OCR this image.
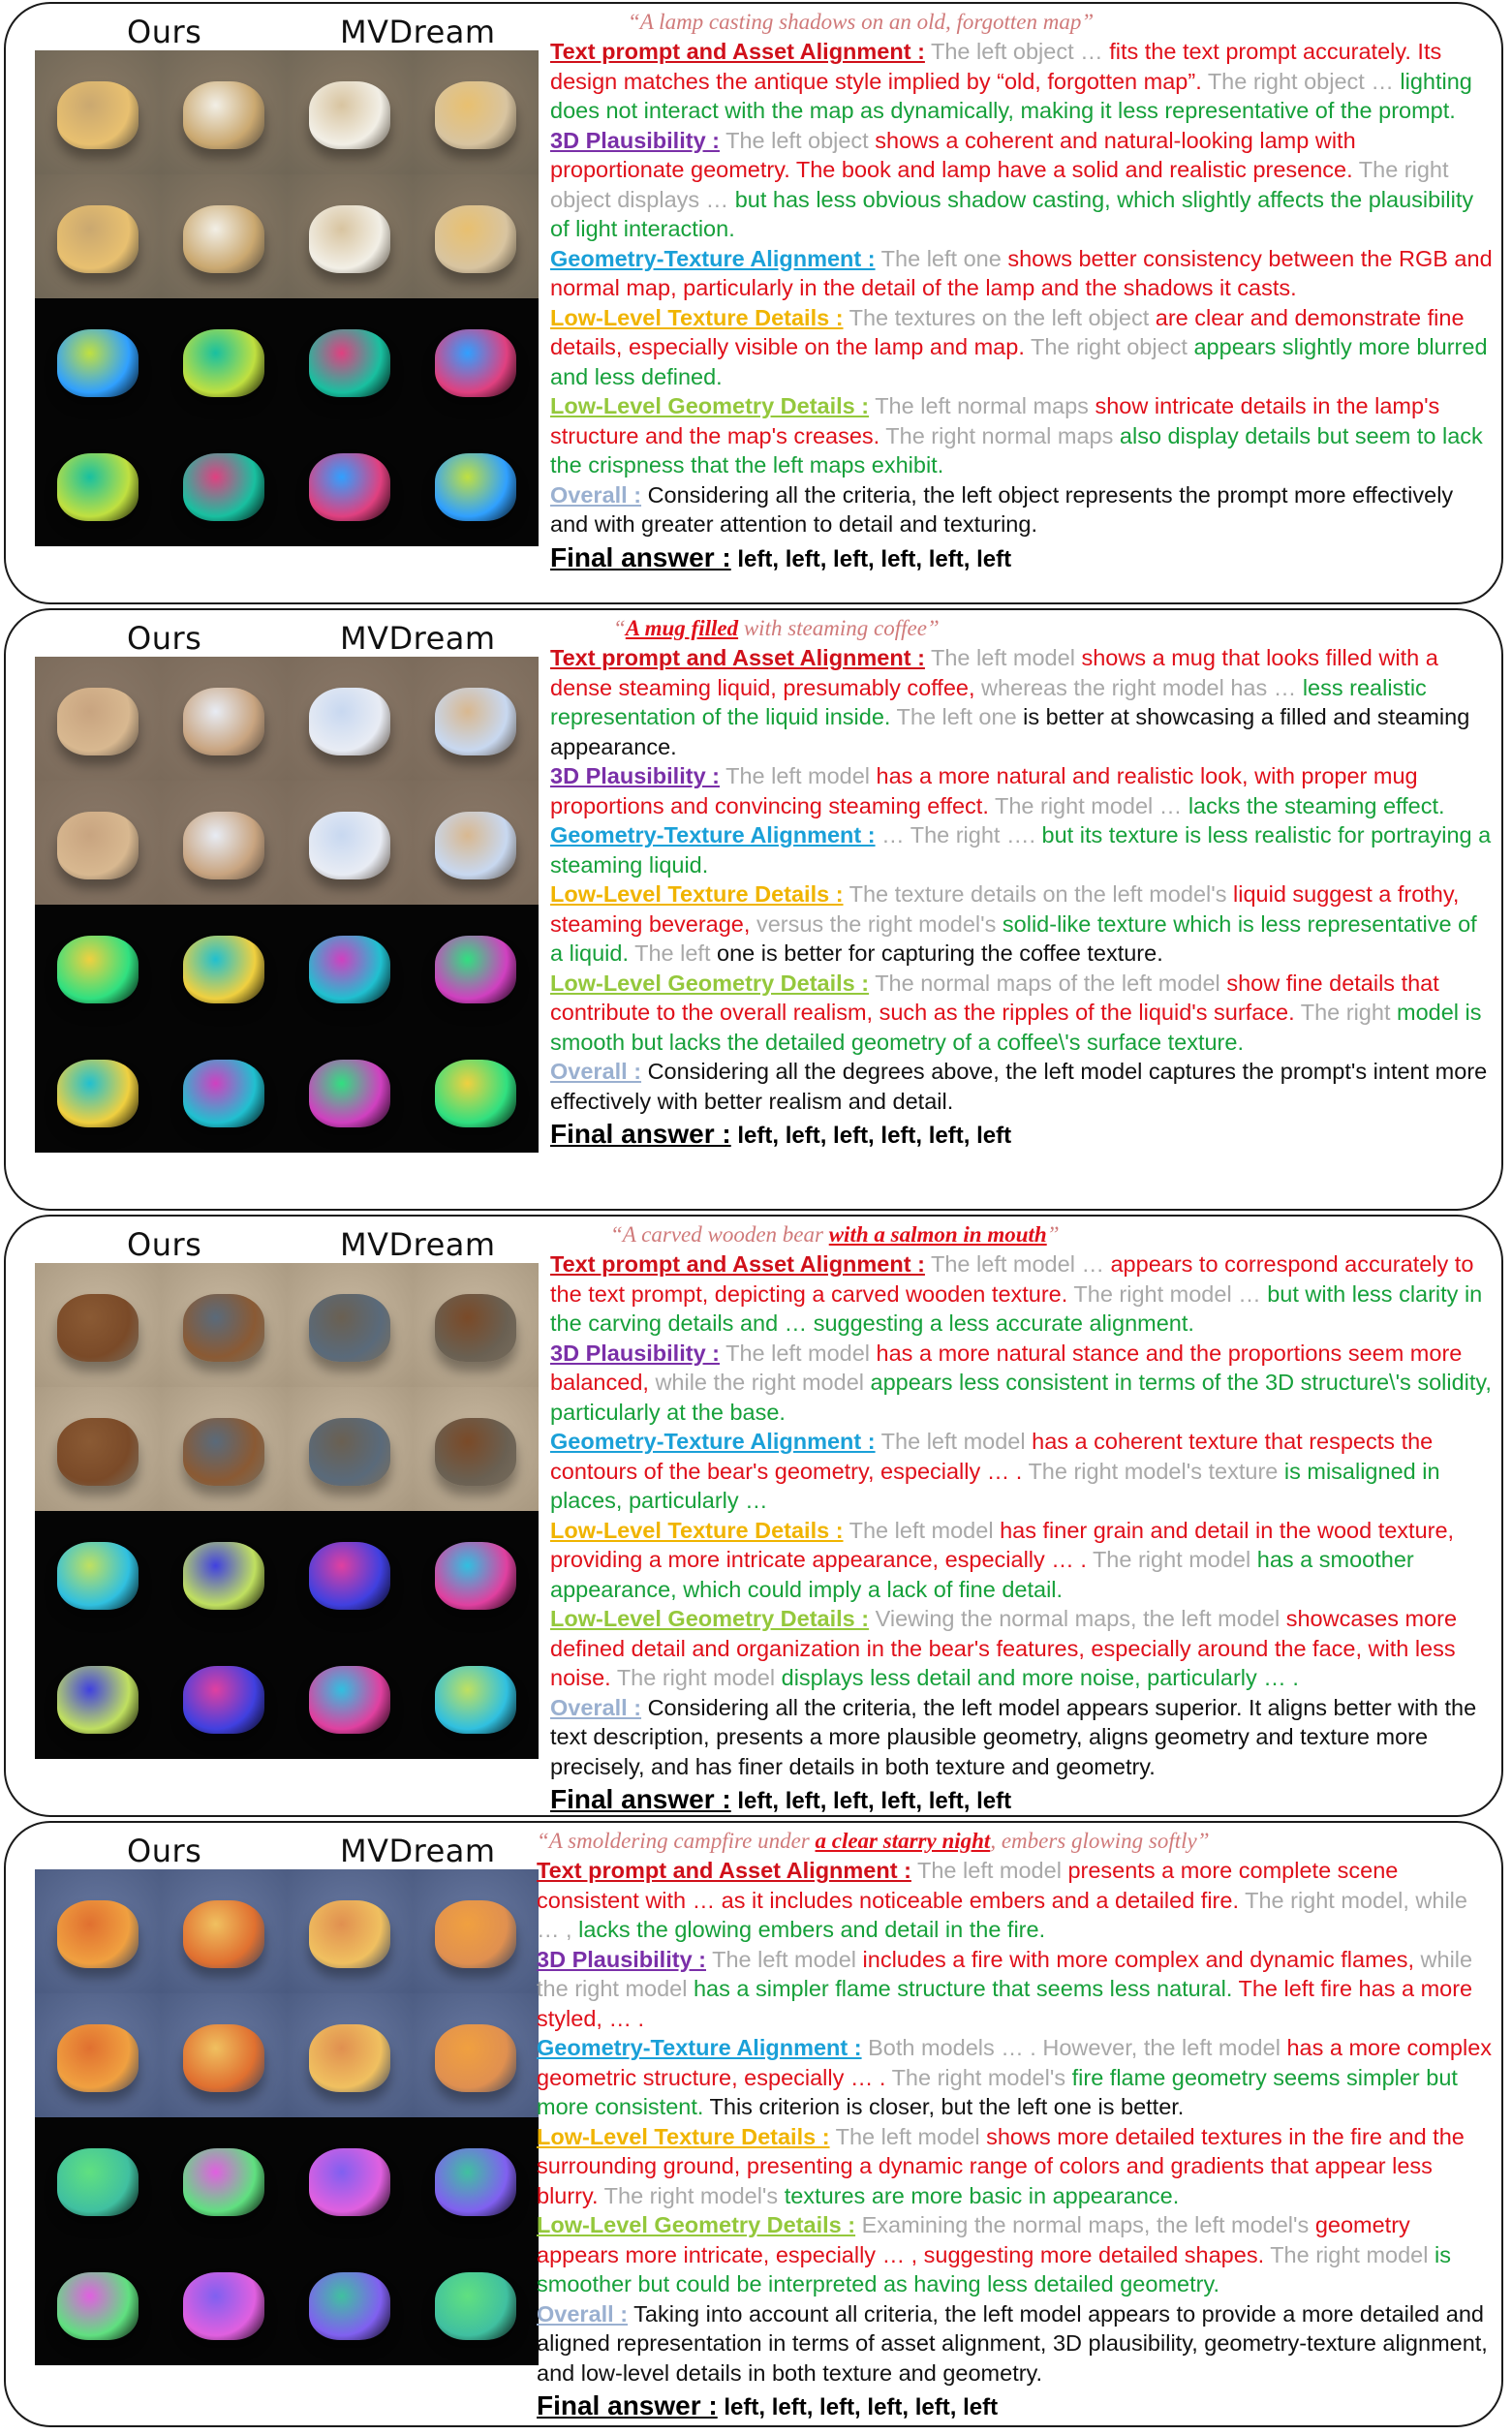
Ours	MVDream	“A lamp casting shadows on an old, forgotten map”

Text prompt and Asset Alignment : The left object … fits the text prompt accurately. Its design matches the antique style implied by “old, forgotten map”. The right object … lighting does not interact with the map as dynamically, making it less representative of the prompt.

3D Plausibility : The left object shows a coherent and natural-looking lamp with proportionate geometry. The book and lamp have a solid and realistic presence. The right object displays … but has less obvious shadow casting, which slightly affects the plausibility of light interaction.

Geometry-Texture Alignment : The left one shows better consistency between the RGB and normal map, particularly in the detail of the lamp and the shadows it casts.

Low-Level Texture Details : The textures on the left object are clear and demonstrate fine details, especially visible on the lamp and map. The right object appears slightly more blurred and less defined.

Low-Level Geometry Details : The left normal maps show intricate details in the lamp's structure and the map's creases. The right normal maps also display details but seem to lack the crispness that the left maps exhibit.

Overall : Considering all the criteria, the left object represents the prompt more effectively and with greater attention to detail and texturing.

Final answer : left, left, left, left, left, left
Ours	MVDream	“A mug filled with steaming coffee”

Text prompt and Asset Alignment : The left model shows a mug that looks filled with a dense steaming liquid, presumably coffee, whereas the right model has … less realistic representation of the liquid inside. The left one is better at showcasing a filled and steaming appearance.

3D Plausibility : The left model has a more natural and realistic look, with proper mug proportions and convincing steaming effect. The right model … lacks the steaming effect.

Geometry-Texture Alignment : … The right …. but its texture is less realistic for portraying a steaming liquid.

Low-Level Texture Details : The texture details on the left model's liquid suggest a frothy, steaming beverage, versus the right model's solid-like texture which is less representative of a liquid. The left one is better for capturing the coffee texture.

Low-Level Geometry Details : The normal maps of the left model show fine details that contribute to the overall realism, such as the ripples of the liquid's surface. The right model is smooth but lacks the detailed geometry of a coffee\'s surface texture.

Overall : Considering all the degrees above, the left model captures the prompt's intent more effectively with better realism and detail.

Final answer : left, left, left, left, left, left
Ours	MVDream	“A carved wooden bear with a salmon in mouth”

Text prompt and Asset Alignment : The left model … appears to correspond accurately to the text prompt, depicting a carved wooden texture. The right model … but with less clarity in the carving details and … suggesting a less accurate alignment.

3D Plausibility : The left model has a more natural stance and the proportions seem more balanced, while the right model appears less consistent in terms of the 3D structure\'s solidity, particularly at the base.

Geometry-Texture Alignment : The left model has a coherent texture that respects the contours of the bear's geometry, especially … . The right model's texture is misaligned in places, particularly …

Low-Level Texture Details : The left model has finer grain and detail in the wood texture, providing a more intricate appearance, especially … . The right model has a smoother appearance, which could imply a lack of fine detail.

Low-Level Geometry Details : Viewing the normal maps, the left model showcases more defined detail and organization in the bear's features, especially around the face, with less noise. The right model displays less detail and more noise, particularly … .

Overall : Considering all the criteria, the left model appears superior. It aligns better with the text description, presents a more plausible geometry, aligns geometry and texture more precisely, and has finer details in both texture and geometry.

Final answer : left, left, left, left, left, left
Ours	MVDream “A smoldering campfire under a clear starry night, embers glowing softly”

Text prompt and Asset Alignment : The left model presents a more complete scene consistent with … as it includes noticeable embers and a detailed fire. The right model, while … , lacks the glowing embers and detail in the fire.

3D Plausibility : The left model includes a fire with more complex and dynamic flames, while the right model has a simpler flame structure that seems less natural. The left fire has a more styled, … .

Geometry-Texture Alignment : Both models … . However, the left model has a more complex geometric structure, especially … . The right model's fire flame geometry seems simpler but more consistent. This criterion is closer, but the left one is better.

Low-Level Texture Details : The left model shows more detailed textures in the fire and the surrounding ground, presenting a dynamic range of colors and gradients that appear less blurry. The right model's textures are more basic in appearance.

Low-Level Geometry Details : Examining the normal maps, the left model's geometry appears more intricate, especially … , suggesting more detailed shapes. The right model is smoother but could be interpreted as having less detailed geometry.

Overall : Taking into account all criteria, the left model appears to provide a more detailed and aligned representation in terms of asset alignment, 3D plausibility, geometry-texture alignment, and low-level details in both texture and geometry.

Final answer : left, left, left, left, left, left
